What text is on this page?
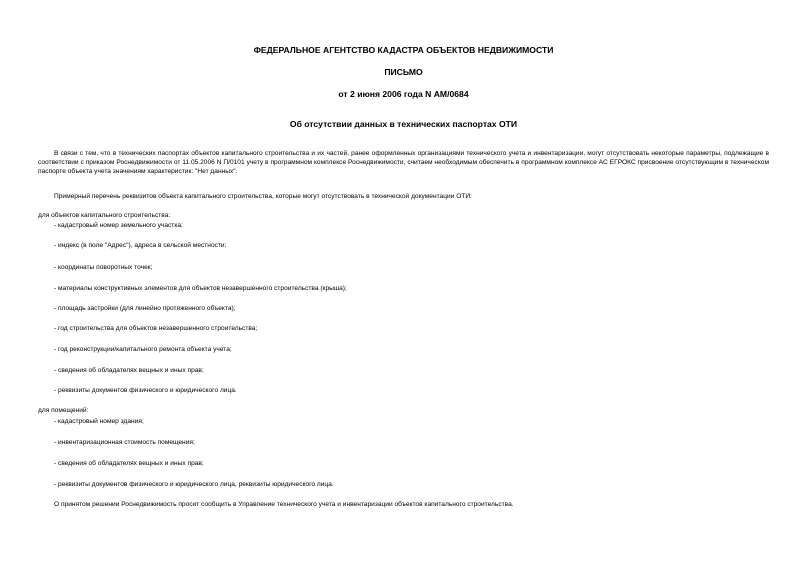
ФЕДЕРАЛЬНОЕ АГЕНТСТВО КАДАСТРА ОБЪЕКТОВ НЕДВИЖИМОСТИ
ПИСЬМО
от 2 июня 2006 года N АМ/0684
Об отсутствии данных в технических паспортах ОТИ
В связи с тем, что в технических паспортах объектов капитального строительства и их частей, ранее оформленных организациями технического учета и инвентаризации, могут отсутствовать некоторые параметры, подлежащие в соответствии с приказом Роснедвижимости от 11.05.2006 N П/0101 учету в программном комплексе Роснедвижимости, считаем необходимым обеспечить в программном комплексе АС ЕГРОКС присвоение отсутствующим в техническом паспорте объекта учета значениям характеристик: "Нет данных".
Примерный перечень реквизитов объекта капитального строительства, которые могут отсутствовать в технической документации ОТИ:
для объектов капитального строительства:
- кадастровый номер земельного участка;
- индекс (в поле "Адрес"), адреса в сельской местности;
- координаты поворотных точек;
- материалы конструктивных элементов для объектов незавершенного строительства (крыша);
- площадь застройки (для линейно протяженного объекта);
- год строительства для объектов незавершенного строительства;
- год реконструкции/капитального ремонта объекта учета;
- сведения об обладателях вещных и иных прав;
- реквизиты документов физического и юридического лица.
для помещений:
- кадастровый номер здания;
- инвентаризационная стоимость помещения;
- сведения об обладателях вещных и иных прав;
- реквизиты документов физического и юридического лица, реквизиты юридического лица.
О принятом решении Роснедвижимость просит сообщить в Управление технического учета и инвентаризации объектов капитального строительства.
